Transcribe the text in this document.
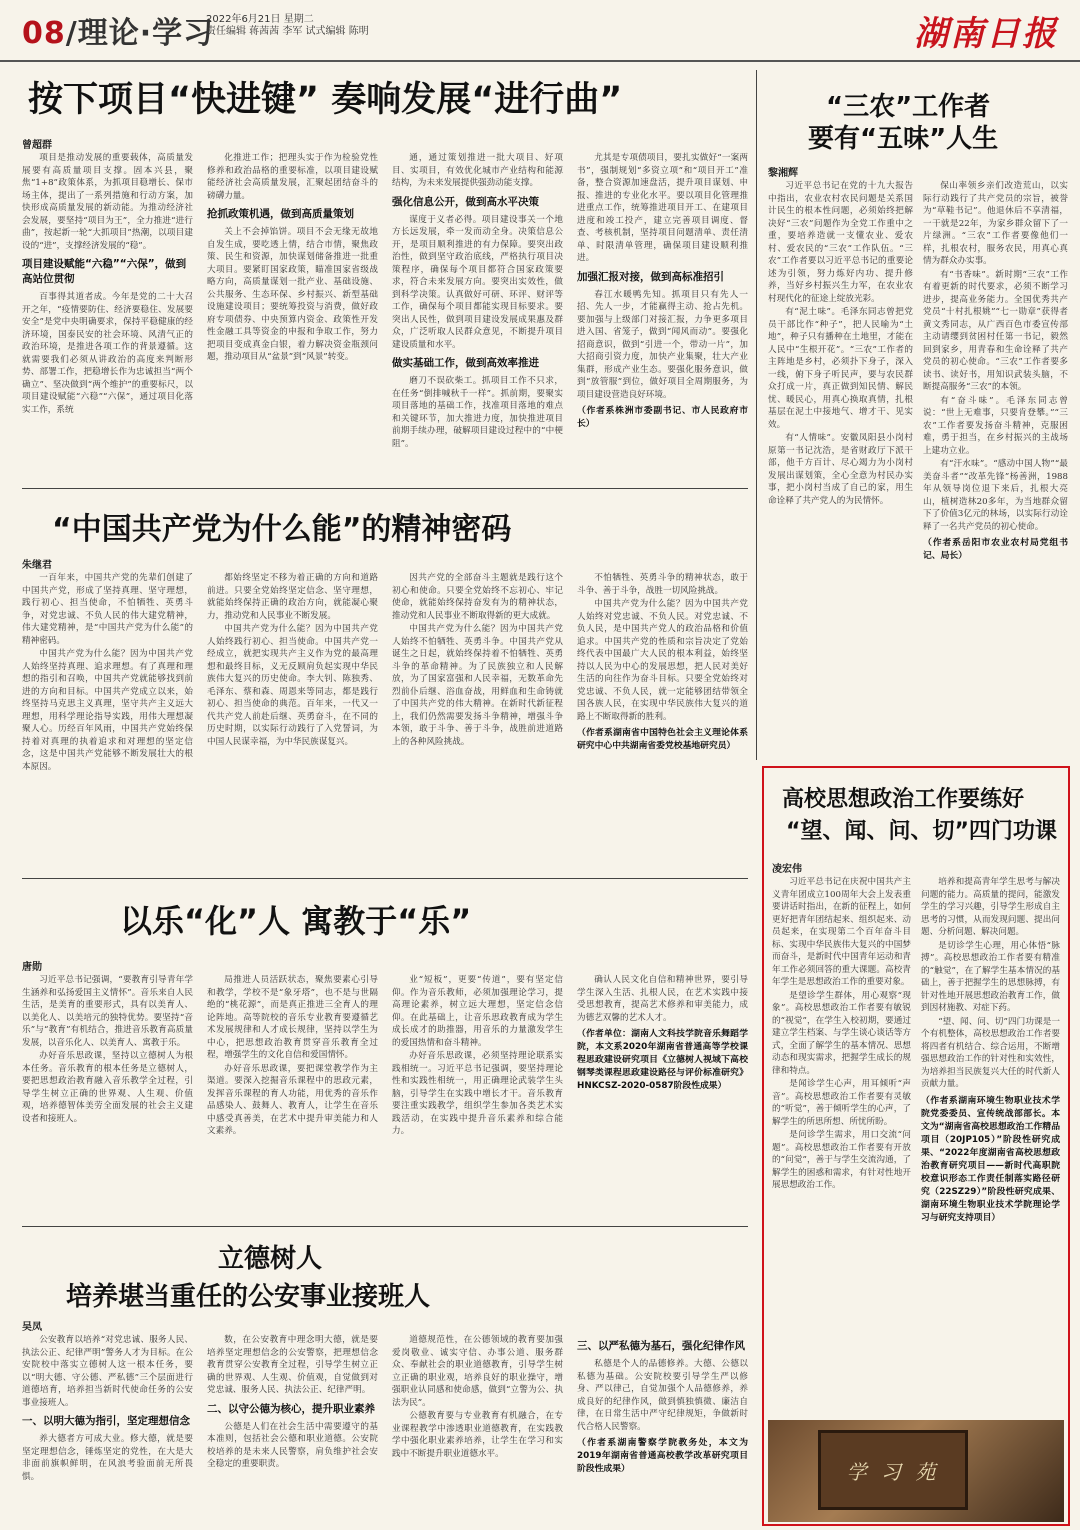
08/理论·学习
2022年6月21日 星期二
责任编辑 蒋茜茜 李军 试式编辑 陈明	湖南日报
按下项目“快进键” 奏响发展“进行曲”
曾超群

项目是推动发展的重要载体，高质量发展要有高质量项目支撑。固本兴县，聚焦“1+8”政策体系，为抓项目稳增长、保市场主体，提出了一系列措施和行动方案，加快形成高质量发展的新动能。为推动经济社会发展，要坚持“项目为王”，全力推进“进行曲”，按起新一轮“大抓项目”热潮，以项目建设的“进”，支撑经济发展的“稳”。

项目建设赋能“六稳”“六保”，做到高站位贯彻

百事得其道者成。今年是党的二十大召开之年，“疫情要防住、经济要稳住、发展要安全”是党中央明确要求，保持平稳健康的经济环境，国泰民安的社会环境、风清气正的政治环境，是推进各项工作的背景遵循。这就需要我们必须从讲政治的高度来判断形势、部署工作，把稳增长作为忠诚担当“两个确立”、坚决做到“两个维护”的重要标尺，以项目建设赋能“六稳”“六保”，通过项目化落实工作，系统

化推进工作；把理头实于作为检验党性修养和政治品格的重要标准，以项目建设赋能经济社会高质量发展，汇聚起团结奋斗的磅礴力量。

抢抓政策机遇，做到高质量策划

关上不会掉馅饼。项目不会无缘无故地自发生成，要吃透上情，结合市情，聚焦政策、民生和资源，加快谋划储备推进一批重大项目。要紧盯国家政策，瞄准国家省级战略方向，高质量谋划一批产业、基础设施、公共服务、生态环保、乡村振兴、新型基础设施建设项目；要统筹投资与消费，做好政府专项债券、中央预算内资金、政策性开发性金融工具等资金的申报和争取工作，努力把项目变成真金白银，着力解决资金瓶颈问题，推动项目从“盆景”到“风景”转变。

通，通过策划推进一批大项目、好项目、实项目，有效优化城市产业结构和能源结构，为未来发展提供强劲动能支撑。

强化信息公开，做到高水平决策

谋度于义者必得。项目建设事关一个地方长远发展，牵一发而动全身。决策信息公开，是项目顺利推进的有力保障。要突出政治性，做到坚守政治底线，严格执行项目决策程序，确保每个项目都符合国家政策要求，符合未来发展方向。要突出实效性，做到科学决策。认真做好可研、环评、财评等工作，确保每个项目都能实现目标要求。要突出人民性，做到项目建设发展成果惠及群众，广泛听取人民群众意见，不断提升项目建设质量和水平。

做实基础工作，做到高效率推进

磨刀不误砍柴工。抓项目工作不只求，在任务“倒排喊秋千一样”。抓前期，要聚实项目落地的基础工作，找准项目落地的难点和关键环节，加大推进力度，加快推进项目前期手续办理，破解项目建设过程中的“中梗阻”。

尤其是专项债项目，要扎实做好“一案两书”，强制规划“多资立项”和“项目开工”准备，整合资源加速盘活，提升项目谋划、申报、推进的专业化水平。要以项目化管理推进重点工作，统筹推进项目开工、在建项目进度和竣工投产，建立完善项目调度、督查、考核机制，坚持项目问题清单、责任清单、时限清单管理，确保项目建设顺利推进。

加强汇报对接，做到高标准招引

春江水暖鸭先知。抓项目只有先人一招、先人一步，才能赢得主动、抢占先机。要加强与上级部门对接汇报，力争更多项目进入国、省笼子，做到“闻风而动”。要强化招商意识，做到“引进一个，带动一片”，加大招商引资力度，加快产业集聚，壮大产业集群，形成产业生态。要强化服务意识，做到“放管服”到位，做好项目全周期服务，为项目建设营造良好环境。

（作者系株洲市委副书记、市人民政府市长）

“三农”工作者
要有“五味”人生
黎湘辉

习近平总书记在党的十九大报告中指出，农业农村农民问题是关系国计民生的根本性问题，必须始终把解决好“三农”问题作为全党工作重中之重，要培养造就一支懂农业、爱农村、爱农民的“三农”工作队伍。“三农”工作者要以习近平总书记的重要论述为引领，努力炼好内功、提升修养，当好乡村振兴生力军，在农业农村现代化的征途上绽放光彩。

有“泥土味”。毛泽东同志曾把党员干部比作“种子”，把人民喻为“土地”，种子只有播种在土地里，才能在人民中“生根开花”。“三农”工作者的主阵地是乡村，必须扑下身子，深入一线，俯下身子听民声，要与农民群众打成一片，真正做到知民情、解民忧、暖民心，用真心换取真情，扎根基层在泥土中接地气、增才干、见实效。

有“人情味”。安徽凤阳县小岗村原第一书记沈浩，是省财政厅下派干部，他千方百计、尽心竭力为小岗村发展出谋划策，全心全意为村民办实事，把小岗村当成了自己的家，用生命诠释了共产党人的为民情怀。

保山率领乡亲们改造荒山，以实际行动践行了共产党员的宗旨，被誉为“草鞋书记”。他退休后不享清福，一干就是22年，为家乡群众留下了一片绿洲。“三农”工作者要像他们一样，扎根农村，服务农民，用真心真情为群众办实事。

有“书香味”。新时期“三农”工作有着更新的时代要求，必须不断学习进步，提高业务能力。全国优秀共产党员“十村扎根姚”“七一勋章”获得者黄文秀同志，从广西百色市委宣传部主动请缨到贫困村任第一书记，毅然回到家乡，用青春和生命诠释了共产党员的初心使命。“三农”工作者要多读书、读好书，用知识武装头脑，不断提高服务“三农”的本领。

有“奋斗味”。毛泽东同志曾说：“世上无难事，只要肯登攀。”“三农”工作者要发扬奋斗精神，克服困难，勇于担当，在乡村振兴的主战场上建功立业。

有“汗水味”。“感动中国人物”“最美奋斗者”“改革先锋”杨善洲，1988年从领导岗位退下来后，扎根大亮山，植树造林20多年，为当地群众留下了价值3亿元的林场，以实际行动诠释了一名共产党员的初心使命。

（作者系岳阳市农业农村局党组书记、局长）

“中国共产党为什么能”的精神密码
朱继君

一百年来，中国共产党的先辈们创建了中国共产党，形成了坚持真理、坚守理想，践行初心、担当使命，不怕牺牲、英勇斗争，对党忠诚、不负人民的伟大建党精神，伟大建党精神，是“中国共产党为什么能”的精神密码。

中国共产党为什么能？因为中国共产党人始终坚持真理、追求理想。有了真理和理想的指引和召唤，中国共产党就能够找到前进的方向和目标。中国共产党成立以来，始终坚持马克思主义真理，坚守共产主义远大理想，用科学理论指导实践，用伟大理想凝聚人心。历经百年风雨，中国共产党始终保持着对真理的执着追求和对理想的坚定信念，这是中国共产党能够不断发展壮大的根本原因。

都始终坚定不移为着正确的方向和道路前进。只要全党始终坚定信念、坚守理想，就能始终保持正确的政治方向，就能凝心聚力，推动党和人民事业不断发展。

中国共产党为什么能？因为中国共产党人始终践行初心、担当使命。中国共产党一经成立，就把实现共产主义作为党的最高理想和最终目标，义无反顾肩负起实现中华民族伟大复兴的历史使命。李大钊、陈独秀、毛泽东、蔡和森、周恩来等同志，都是践行初心、担当使命的典范。百年来，一代又一代共产党人前赴后继、英勇奋斗，在不同的历史时期，以实际行动践行了入党誓词，为中国人民谋幸福，为中华民族谋复兴。

因共产党的全部奋斗主题就是践行这个初心和使命。只要全党始终不忘初心、牢记使命，就能始终保持奋发有为的精神状态，推动党和人民事业不断取得新的更大成就。

中国共产党为什么能？因为中国共产党人始终不怕牺牲、英勇斗争。中国共产党从诞生之日起，就始终保持着不怕牺牲、英勇斗争的革命精神。为了民族独立和人民解放，为了国家富强和人民幸福，无数革命先烈前仆后继、浴血奋战，用鲜血和生命铸就了中国共产党的伟大精神。在新时代新征程上，我们仍然需要发扬斗争精神，增强斗争本领，敢于斗争、善于斗争，战胜前进道路上的各种风险挑战。

不怕牺牲、英勇斗争的精神状态，敢于斗争、善于斗争，战胜一切风险挑战。

中国共产党为什么能？因为中国共产党人始终对党忠诚、不负人民。对党忠诚、不负人民，是中国共产党人的政治品格和价值追求。中国共产党的性质和宗旨决定了党始终代表中国最广大人民的根本利益，始终坚持以人民为中心的发展思想，把人民对美好生活的向往作为奋斗目标。只要全党始终对党忠诚、不负人民，就一定能够团结带领全国各族人民，在实现中华民族伟大复兴的道路上不断取得新的胜利。

（作者系湖南省中国特色社会主义理论体系研究中心中共湖南省委党校基地研究员）

高校思想政治工作要练好
“望、闻、问、切”四门功课
凌宏伟

习近平总书记在庆祝中国共产主义青年团成立100周年大会上发表重要讲话时指出，在新的征程上，如何更好把青年团结起来、组织起来、动员起来，在实现第二个百年奋斗目标、实现中华民族伟大复兴的中国梦而奋斗，是新时代中国青年运动和青年工作必须回答的重大课题。高校青年学生是思想政治工作的重要对象。

是望诊学生群体，用心观察“现象”。高校思想政治工作者要有敏锐的“视觉”，在学生入校初期，要通过建立学生档案、与学生谈心谈话等方式，全面了解学生的基本情况、思想动态和现实需求，把握学生成长的规律和特点。

是闻诊学生心声，用耳倾听“声音”。高校思想政治工作者要有灵敏的“听觉”，善于倾听学生的心声，了解学生的所思所想、所忧所盼。

是问诊学生需求，用口交流“问题”。高校思想政治工作者要有开放的“问觉”，善于与学生交流沟通，了解学生的困惑和需求，有针对性地开展思想政治工作。

培养和提高青年学生思考与解决问题的能力。高质量的提问，能激发学生的学习兴趣，引导学生形成自主思考的习惯，从而发现问题、提出问题、分析问题、解决问题。

是切诊学生心理，用心体悟“脉搏”。高校思想政治工作者要有精准的“触觉”，在了解学生基本情况的基础上，善于把握学生的思想脉搏，有针对性地开展思想政治教育工作，做到因材施教、对症下药。

“望、闻、问、切”四门功课是一个有机整体，高校思想政治工作者要将四者有机结合、综合运用，不断增强思想政治工作的针对性和实效性，为培养担当民族复兴大任的时代新人贡献力量。

（作者系湖南环境生物职业技术学院党委委员、宣传统战部部长。本文为“湖南省高校思想政治工作精品项目（20JP105）”阶段性研究成果、“2022年度湖南省高校思想政治教育研究项目——新时代高职院校意识形态工作责任制落实路径研究（22SZ29）”阶段性研究成果、湖南环境生物职业技术学院理论学习与研究支持项目）

学 习 苑
以乐“化”人 寓教于“乐”
唐勋

习近平总书记强调，“要教育引导青年学生涵养和弘扬爱国主义情怀”。音乐来自人民生活，是美育的重要形式，具有以美育人、以美化人、以美培元的独特优势。要坚持“音乐”与“教育”有机结合，推进音乐教育高质量发展，以音乐化人、以美育人、寓教于乐。

办好音乐思政课，坚持以立德树人为根本任务。音乐教育的根本任务是立德树人，要把思想政治教育融入音乐教学全过程，引导学生树立正确的世界观、人生观、价值观，培养德智体美劳全面发展的社会主义建设者和接班人。

局推进人员活跃状态，聚焦要素心引导和教学，学校不是“象牙塔”，也不是与世隔绝的“桃花源”，而是真正推进三全育人的理论阵地。高等院校的音乐专业教育要遵循艺术发展规律和人才成长规律，坚持以学生为中心，把思想政治教育贯穿音乐教育全过程，增强学生的文化自信和爱国情怀。

办好音乐思政课，要把课堂教学作为主渠道。要深入挖掘音乐课程中的思政元素，发挥音乐课程的育人功能，用优秀的音乐作品感染人、鼓舞人、教育人，让学生在音乐中感受真善美，在艺术中提升审美能力和人文素养。

业“短板”，更要“传道”，要有坚定信仰。作为音乐教师，必须加强理论学习，提高理论素养，树立远大理想，坚定信念信仰。在此基础上，让音乐思政教育成为学生成长成才的助推器，用音乐的力量激发学生的爱国热情和奋斗精神。

办好音乐思政课，必须坚持理论联系实践相统一。习近平总书记强调，要坚持理论性和实践性相统一，用正确理论武装学生头脑，引导学生在实践中增长才干。音乐教育要注重实践教学，组织学生参加各类艺术实践活动，在实践中提升音乐素养和综合能力。

确认人民文化自信和精神世界，要引导学生深入生活、扎根人民，在艺术实践中接受思想教育，提高艺术修养和审美能力，成为德艺双馨的艺术人才。

（作者单位：湖南人文科技学院音乐舞蹈学院，本文系2020年湖南省普通高等学校课程思政建设研究项目《立德树人视域下高校钢琴类课程思政建设路径与评价标准研究》HNKCSZ-2020-0587阶段性成果）

立德树人
培养堪当重任的公安事业接班人
吴凤

公安教育以培养“对党忠诚、服务人民、执法公正、纪律严明”警务人才为目标。在公安院校中落实立德树人这一根本任务，要以“明大德、守公德、严私德”三个层面进行道德培育，培养担当新时代使命任务的公安事业接班人。

一、以明大德为指引，坚定理想信念

养大德者方可成大业。修大德，就是要坚定理想信念，锤炼坚定的党性，在大是大非面前旗帜鲜明，在风浪考验面前无所畏惧。

数，在公安教育中理念明大德，就是要培养坚定理想信念的公安警察，把理想信念教育贯穿公安教育全过程，引导学生树立正确的世界观、人生观、价值观，自觉做到对党忠诚、服务人民、执法公正、纪律严明。

二、以守公德为核心，提升职业素养

公德是人们在社会生活中需要遵守的基本准则，包括社会公德和职业道德。公安院校培养的是未来人民警察，肩负维护社会安全稳定的重要职责。

道德规范性，在公德领域的教育要加强爱岗敬业、诚实守信、办事公道、服务群众、奉献社会的职业道德教育，引导学生树立正确的职业观，培养良好的职业操守，增强职业认同感和使命感，做到“立警为公、执法为民”。

公德教育要与专业教育有机融合，在专业课程教学中渗透职业道德教育，在实践教学中强化职业素养培养，让学生在学习和实践中不断提升职业道德水平。

三、以严私德为基石，强化纪律作风

私德是个人的品德修养。大德、公德以私德为基础。公安院校要引导学生严以修身、严以律己，自觉加强个人品德修养，养成良好的纪律作风，做到慎独慎微、廉洁自律，在日常生活中严守纪律规矩，争做新时代合格人民警察。

（作者系湖南警察学院教务处，本文为2019年湖南省普通高校教学改革研究项目阶段性成果）
